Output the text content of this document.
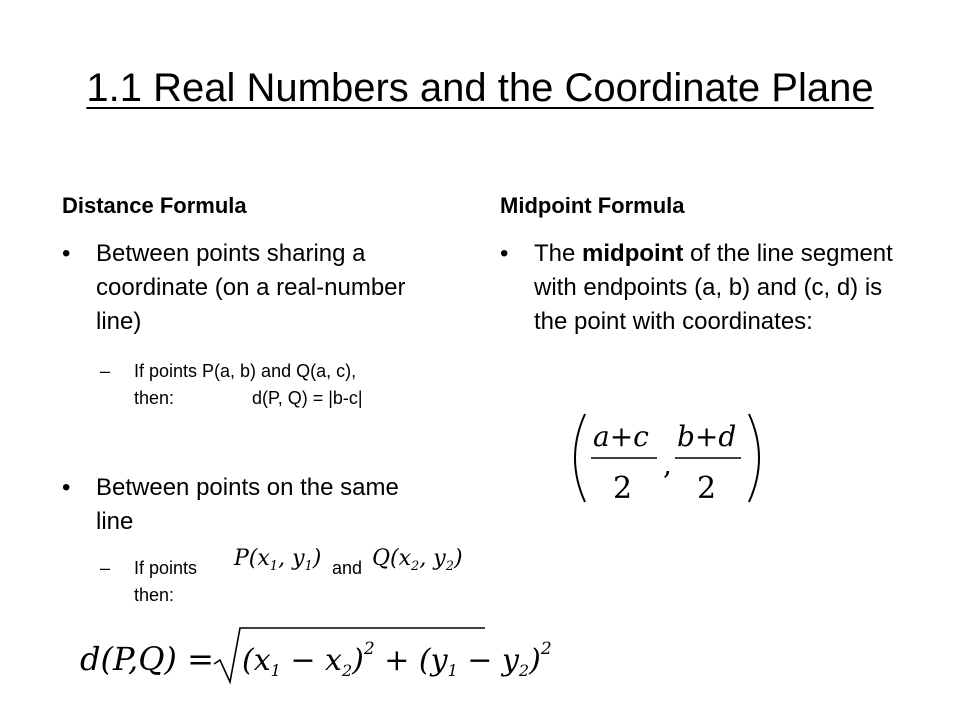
1.1 Real Numbers and the Coordinate Plane
Distance Formula
• Between points sharing a coordinate (on a real-number line)
– If points P(a, b) and Q(a, c),
then:	d(P, Q) = |b-c|
• Between points on the same line
– If points $P(x_1$, $y_1$) and $Q(x_2$, $y_2$)
then:
$d(P,Q) = (x_1 - x_2)^2 + (y_1 - y_2)^2$
Midpoint Formula
• The midpoint of the line segment with endpoints (a, b) and (c, d) is the point with coordinates:
a+c
2
,
b+d
2
